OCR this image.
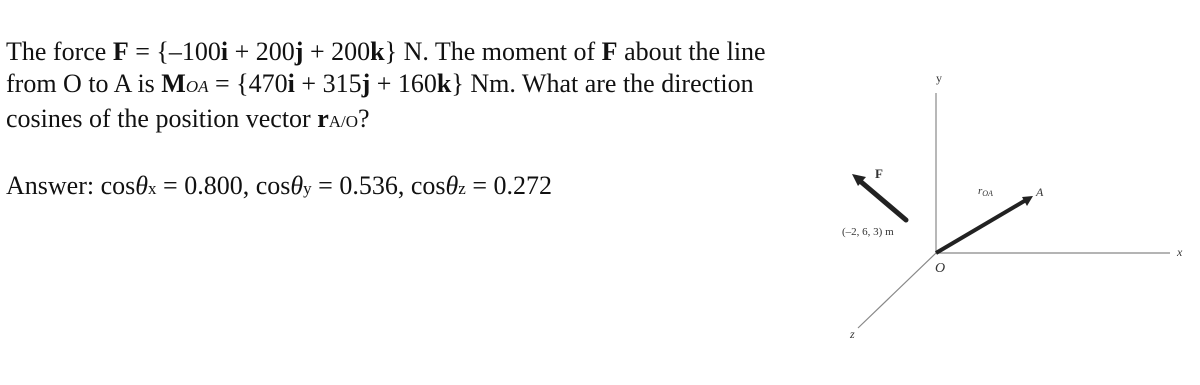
The force F = {–100i + 200j + 200k} N. The moment of F about the line
from O to A is MOA = {470i + 315j + 160k} Nm. What are the direction
cosines of the position vector rA/O?
Answer: cosθx = 0.800, cosθy = 0.536, cosθz = 0.272
y
x
z
O
F
(–2, 6, 3) m
rOA	A
